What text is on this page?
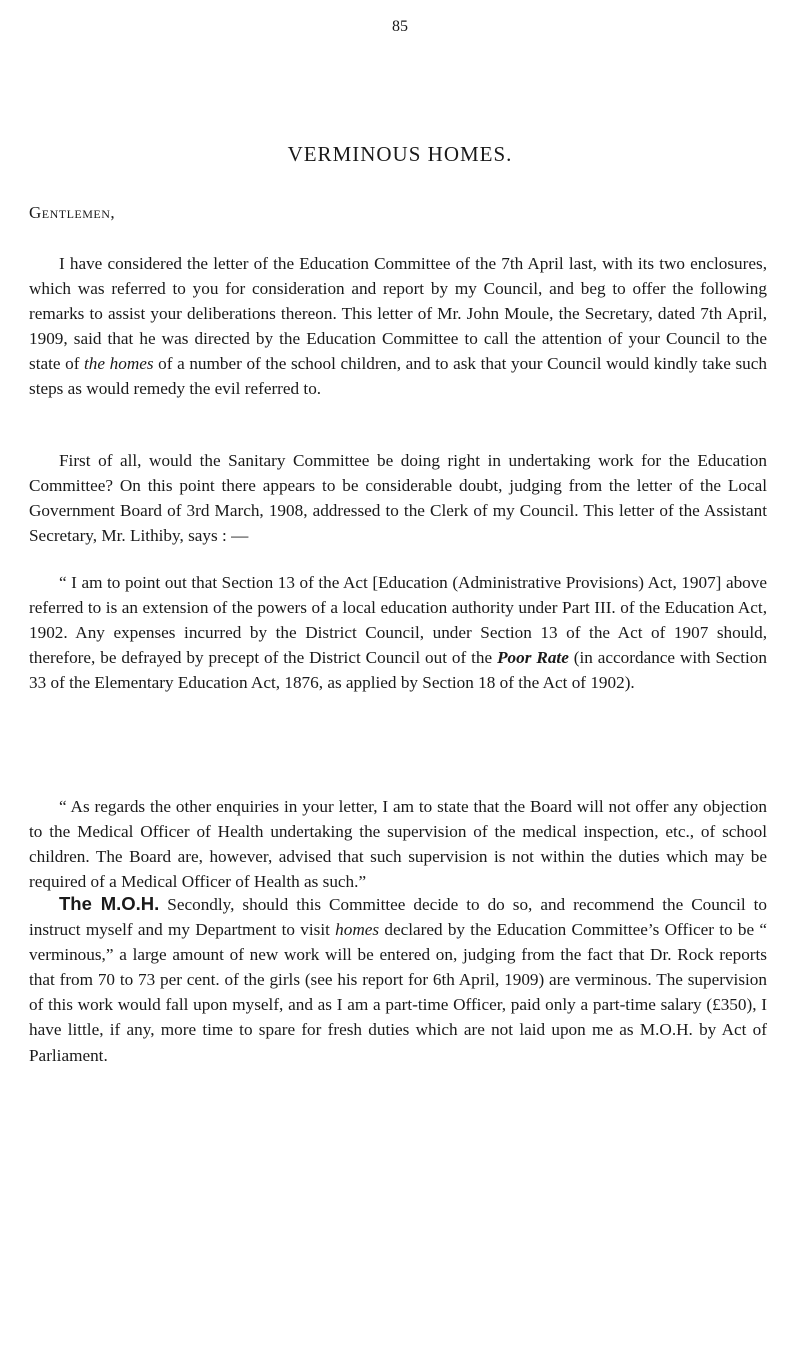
85
VERMINOUS HOMES.
Gentlemen,

I have considered the letter of the Education Committee of the 7th April last, with its two enclosures, which was referred to you for consideration and report by my Council, and beg to offer the following remarks to assist your deliberations thereon. This letter of Mr. John Moule, the Secretary, dated 7th April, 1909, said that he was directed by the Education Committee to call the attention of your Council to the state of the homes of a number of the school children, and to ask that your Council would kindly take such steps as would remedy the evil referred to.

First of all, would the Sanitary Committee be doing right in undertaking work for the Education Committee? On this point there appears to be considerable doubt, judging from the letter of the Local Government Board of 3rd March, 1908, addressed to the Clerk of my Council. This letter of the Assistant Secretary, Mr. Lithiby, says : —

“ I am to point out that Section 13 of the Act [Education (Administrative Provisions) Act, 1907] above referred to is an extension of the powers of a local education authority under Part III. of the Education Act, 1902. Any expenses incurred by the District Council, under Section 13 of the Act of 1907 should, therefore, be defrayed by precept of the District Council out of the Poor Rate (in accordance with Section 33 of the Elementary Education Act, 1876, as applied by Section 18 of the Act of 1902).

“ As regards the other enquiries in your letter, I am to state that the Board will not offer any objection to the Medical Officer of Health undertaking the supervision of the medical inspection, etc., of school children. The Board are, however, advised that such supervision is not within the duties which may be required of a Medical Officer of Health as such.”

The M.O.H. Secondly, should this Committee decide to do so, and recommend the Council to instruct myself and my Department to visit homes declared by the Education Committee’s Officer to be “ verminous,” a large amount of new work will be entered on, judging from the fact that Dr. Rock reports that from 70 to 73 per cent. of the girls (see his report for 6th April, 1909) are verminous. The supervision of this work would fall upon myself, and as I am a part-time Officer, paid only a part-time salary (£350), I have little, if any, more time to spare for fresh duties which are not laid upon me as M.O.H. by Act of Parliament.
